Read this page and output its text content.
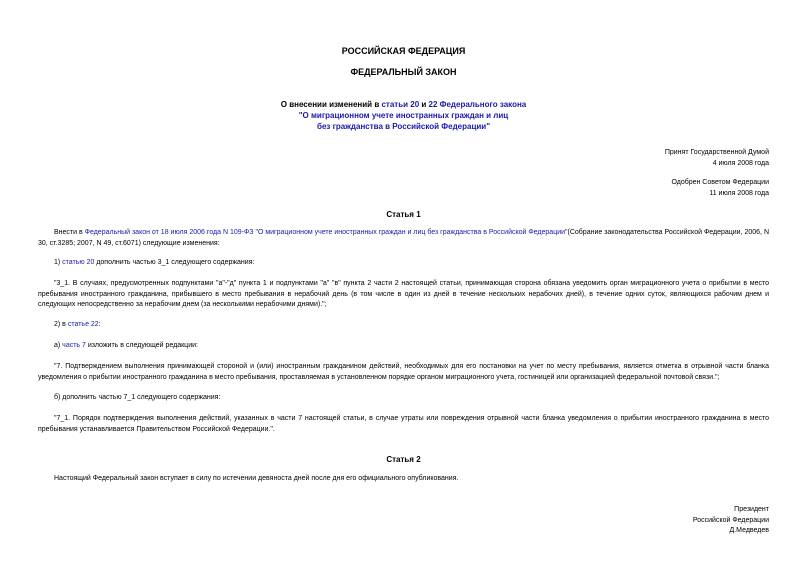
РОССИЙСКАЯ ФЕДЕРАЦИЯ
ФЕДЕРАЛЬНЫЙ ЗАКОН
О внесении изменений в статьи 20 и 22 Федерального закона
"О миграционном учете иностранных граждан и лиц
без гражданства в Российской Федерации"
Принят Государственной Думой
4 июля 2008 года
Одобрен Советом Федерации
11 июля 2008 года
Статья 1

Внести в Федеральный закон от 18 июля 2006 года N 109-ФЗ "О миграционном учете иностранных граждан и лиц без гражданства в Российской Федерации"(Собрание законодательства Российской Федерации, 2006, N 30, ст.3285; 2007, N 49, ст.6071) следующие изменения:

1) статью 20 дополнить частью 3_1 следующего содержания:

"3_1. В случаях, предусмотренных подпунктами "а"-"д" пункта 1 и подпунктами "а" "в" пункта 2 части 2 настоящей статьи, принимающая сторона обязана уведомить орган миграционного учета о прибытии в место пребывания иностранного гражданина, прибывшего в место пребывания в нерабочий день (в том числе в один из дней в течение нескольких нерабочих дней), в течение одних суток, являющихся рабочим днем и следующих непосредственно за нерабочим днем (за несколькими нерабочими днями).";

2) в статье 22:

а) часть 7 изложить в следующей редакции:

"7. Подтверждением выполнения принимающей стороной и (или) иностранным гражданином действий, необходимых для его постановки на учет по месту пребывания, является отметка в отрывной части бланка уведомления о прибытии иностранного гражданина в место пребывания, проставляемая в установленном порядке органом миграционного учета, гостиницей или организацией федеральной почтовой связи.";

б) дополнить частью 7_1 следующего содержания:

"7_1. Порядок подтверждения выполнения действий, указанных в части 7 настоящей статьи, в случае утраты или повреждения отрывной части бланка уведомления о прибытии иностранного гражданина в место пребывания устанавливается Правительством Российской Федерации.".

Статья 2

Настоящий Федеральный закон вступает в силу по истечении девяноста дней после дня его официального опубликования.

Президент
Российской Федерации
Д.Медведев
